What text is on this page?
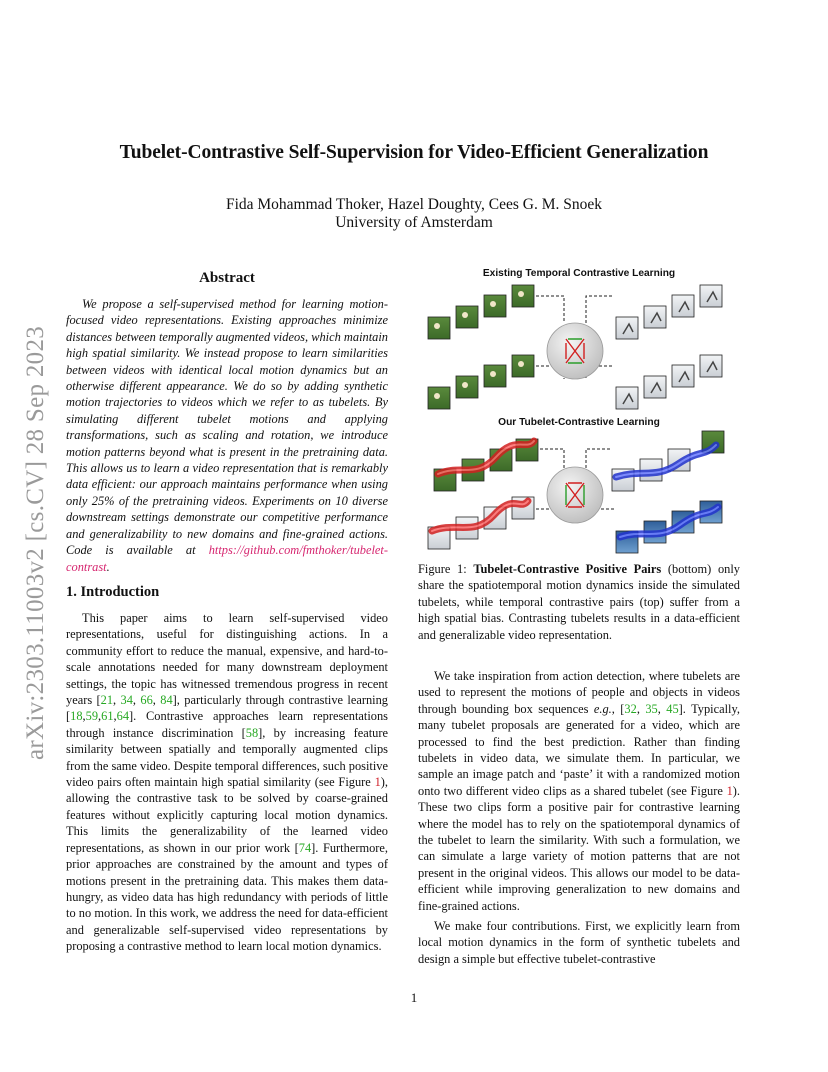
Tubelet-Contrastive Self-Supervision for Video-Efficient Generalization
Fida Mohammad Thoker, Hazel Doughty, Cees G. M. Snoek
University of Amsterdam
arXiv:2303.11003v2 [cs.CV] 28 Sep 2023
Abstract
We propose a self-supervised method for learning motion-focused video representations. Existing approaches minimize distances between temporally augmented videos, which maintain high spatial similarity. We instead propose to learn similarities between videos with identical local motion dynamics but an otherwise different appearance. We do so by adding synthetic motion trajectories to videos which we refer to as tubelets. By simulating different tubelet motions and applying transformations, such as scaling and rotation, we introduce motion patterns beyond what is present in the pretraining data. This allows us to learn a video representation that is remarkably data efficient: our approach maintains performance when using only 25% of the pretraining videos. Experiments on 10 diverse downstream settings demonstrate our competitive performance and generalizability to new domains and fine-grained actions. Code is available at https://github.com/fmthoker/tubelet-contrast.
1. Introduction
This paper aims to learn self-supervised video representations, useful for distinguishing actions. In a community effort to reduce the manual, expensive, and hard-to-scale annotations needed for many downstream deployment settings, the topic has witnessed tremendous progress in recent years [21, 34, 66, 84], particularly through contrastive learning [18,59,61,64]. Contrastive approaches learn representations through instance discrimination [58], by increasing feature similarity between spatially and temporally augmented clips from the same video. Despite temporal differences, such positive video pairs often maintain high spatial similarity (see Figure 1), allowing the contrastive task to be solved by coarse-grained features without explicitly capturing local motion dynamics. This limits the generalizability of the learned video representations, as shown in our prior work [74]. Furthermore, prior approaches are constrained by the amount and types of motions present in the pretraining data. This makes them data-hungry, as video data has high redundancy with periods of little to no motion. In this work, we address the need for data-efficient and generalizable self-supervised video representations by proposing a contrastive method to learn local motion dynamics.
Existing Temporal Contrastive Learning
Our Tubelet-Contrastive Learning
Figure 1: Tubelet-Contrastive Positive Pairs (bottom) only share the spatiotemporal motion dynamics inside the simulated tubelets, while temporal contrastive pairs (top) suffer from a high spatial bias. Contrasting tubelets results in a data-efficient and generalizable video representation.
We take inspiration from action detection, where tubelets are used to represent the motions of people and objects in videos through bounding box sequences e.g., [32, 35, 45]. Typically, many tubelet proposals are generated for a video, which are processed to find the best prediction. Rather than finding tubelets in video data, we simulate them. In particular, we sample an image patch and ‘paste’ it with a randomized motion onto two different video clips as a shared tubelet (see Figure 1). These two clips form a positive pair for contrastive learning where the model has to rely on the spatiotemporal dynamics of the tubelet to learn the similarity. With such a formulation, we can simulate a large variety of motion patterns that are not present in the original videos. This allows our model to be data-efficient while improving generalization to new domains and fine-grained actions.
We make four contributions. First, we explicitly learn from local motion dynamics in the form of synthetic tubelets and design a simple but effective tubelet-contrastive
1
